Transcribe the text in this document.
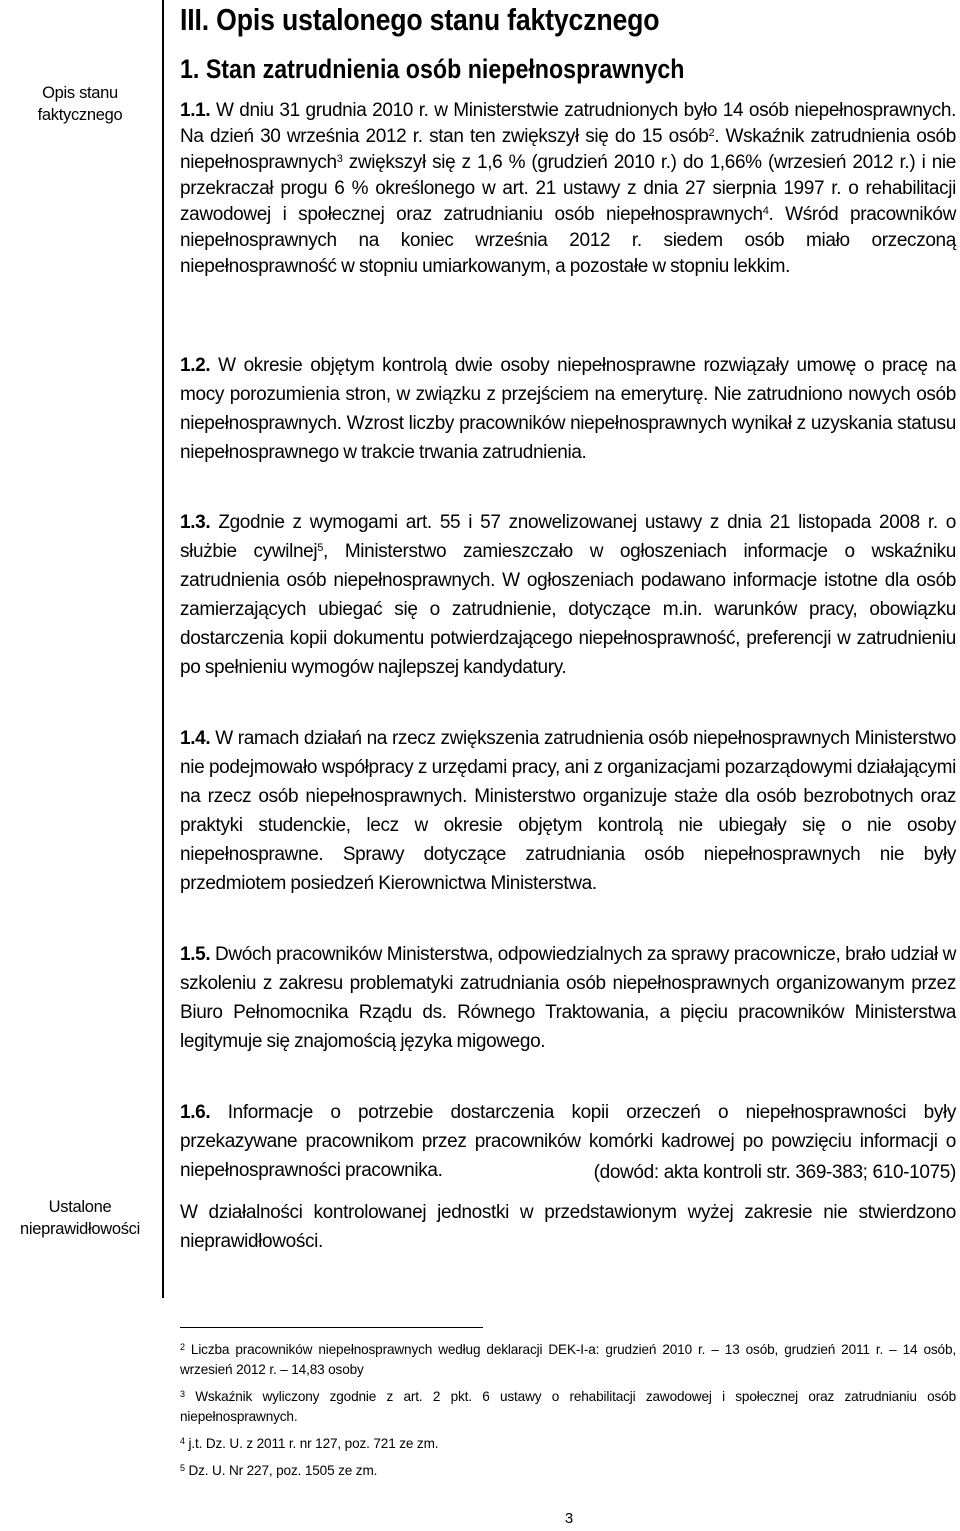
Opis stanu faktycznego
Ustalone nieprawidłowości
III. Opis ustalonego stanu faktycznego
1. Stan zatrudnienia osób niepełnosprawnych

1.1. W dniu 31 grudnia 2010 r. w Ministerstwie zatrudnionych było 14 osób niepełnosprawnych. Na dzień 30 września 2012 r. stan ten zwiększył się do 15 osób$^2$. Wskaźnik zatrudnienia osób niepełnosprawnych$^3$ zwiększył się z 1,6 % (grudzień 2010 r.) do 1,66% (wrzesień 2012 r.) i nie przekraczał progu 6 % określonego w art. 21 ustawy z dnia 27 sierpnia 1997 r. o rehabilitacji zawodowej i społecznej oraz zatrudnianiu osób niepełnosprawnych$^4$. Wśród pracowników niepełnosprawnych na koniec września 2012 r. siedem osób miało orzeczoną niepełnosprawność w stopniu umiarkowanym, a pozostałe w stopniu lekkim.

1.2. W okresie objętym kontrolą dwie osoby niepełnosprawne rozwiązały umowę o pracę na mocy porozumienia stron, w związku z przejściem na emeryturę. Nie zatrudniono nowych osób niepełnosprawnych. Wzrost liczby pracowników niepełnosprawnych wynikał z uzyskania statusu niepełnosprawnego w trakcie trwania zatrudnienia.

1.3. Zgodnie z wymogami art. 55 i 57 znowelizowanej ustawy z dnia 21 listopada 2008 r. o służbie cywilnej$^5$, Ministerstwo zamieszczało w ogłoszeniach informacje o wskaźniku zatrudnienia osób niepełnosprawnych. W ogłoszeniach podawano informacje istotne dla osób zamierzających ubiegać się o zatrudnienie, dotyczące m.in. warunków pracy, obowiązku dostarczenia kopii dokumentu potwierdzającego niepełnosprawność, preferencji w zatrudnieniu po spełnieniu wymogów najlepszej kandydatury.

1.4. W ramach działań na rzecz zwiększenia zatrudnienia osób niepełnosprawnych Ministerstwo nie podejmowało współpracy z urzędami pracy, ani z organizacjami pozarządowymi działającymi na rzecz osób niepełnosprawnych. Ministerstwo organizuje staże dla osób bezrobotnych oraz praktyki studenckie, lecz w okresie objętym kontrolą nie ubiegały się o nie osoby niepełnosprawne. Sprawy dotyczące zatrudniania osób niepełnosprawnych nie były przedmiotem posiedzeń Kierownictwa Ministerstwa.

1.5. Dwóch pracowników Ministerstwa, odpowiedzialnych za sprawy pracownicze, brało udział w szkoleniu z zakresu problematyki zatrudniania osób niepełnosprawnych organizowanym przez Biuro Pełnomocnika Rządu ds. Równego Traktowania, a pięciu pracowników Ministerstwa legitymuje się znajomością języka migowego.

1.6. Informacje o potrzebie dostarczenia kopii orzeczeń o niepełnosprawności były przekazywane pracownikom przez pracowników komórki kadrowej po powzięciu informacji o niepełnosprawności pracownika.	(dowód: akta kontroli str. 369-383; 610-1075)

W działalności kontrolowanej jednostki w przedstawionym wyżej zakresie nie stwierdzono nieprawidłowości.

$^2$ Liczba pracowników niepełnosprawnych według deklaracji DEK-I-a: grudzień 2010 r. – 13 osób, grudzień 2011 r. – 14 osób, wrzesień 2012 r. – 14,83 osoby

$^3$ Wskaźnik wyliczony zgodnie z art. 2 pkt. 6 ustawy o rehabilitacji zawodowej i społecznej oraz zatrudnianiu osób niepełnosprawnych.

$^4$ j.t. Dz. U. z 2011 r. nr 127, poz. 721 ze zm.

$^5$ Dz. U. Nr 227, poz. 1505 ze zm.

3
